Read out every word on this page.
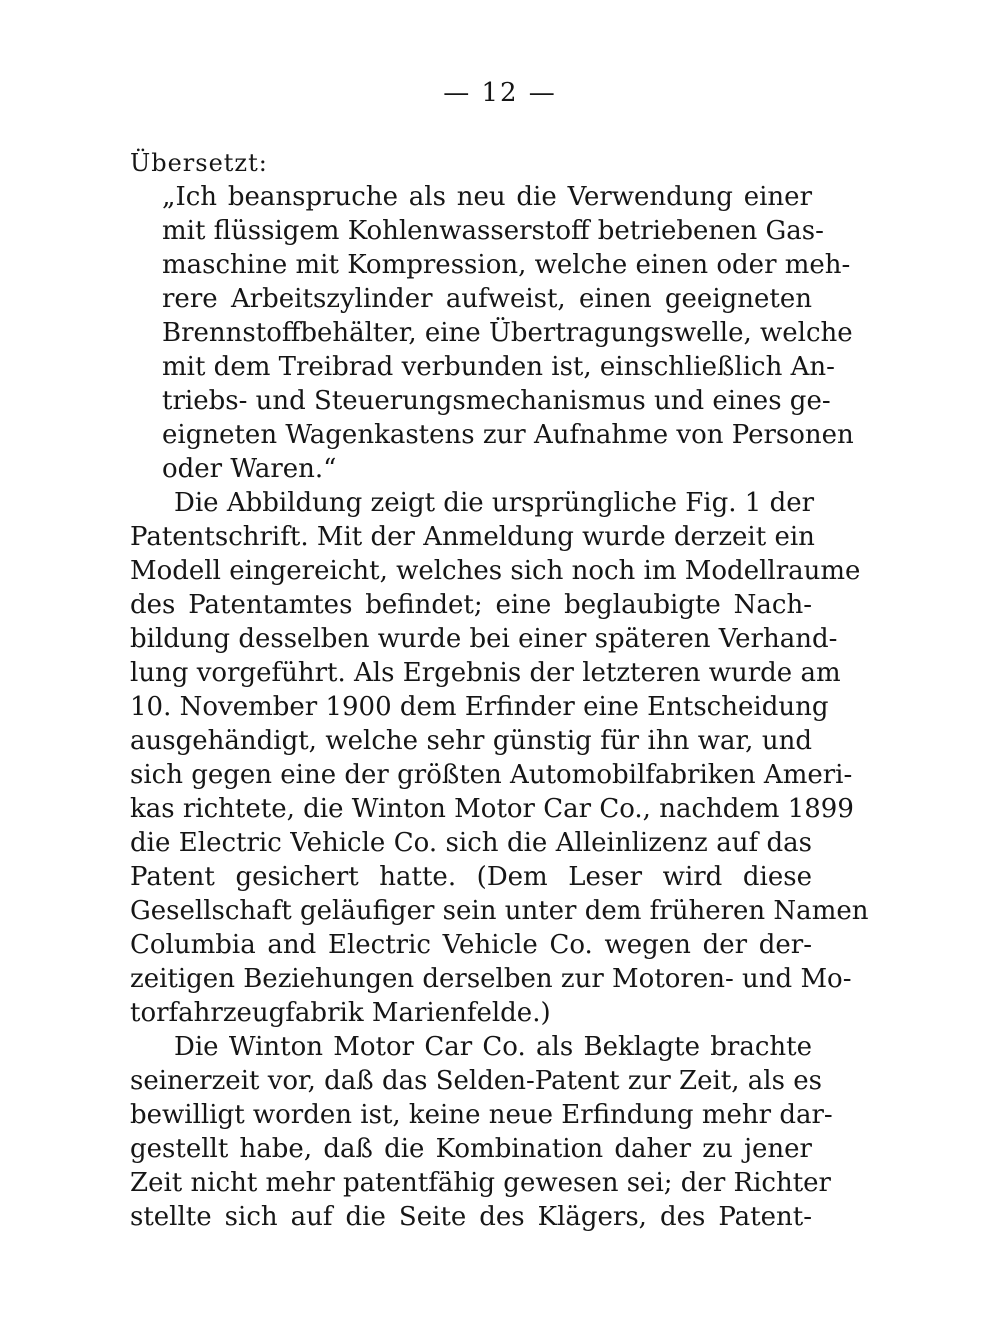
— 12 —

Übersetzt:

„Ich beanspruche als neu die Verwendung einer
mit flüssigem Kohlenwasserstoff betriebenen Gas-
maschine mit Kompression, welche einen oder meh-
rere Arbeitszylinder aufweist, einen geeigneten
Brennstoffbehälter, eine Übertragungswelle, welche
mit dem Treibrad verbunden ist, einschließlich An-
triebs- und Steuerungsmechanismus und eines ge-
eigneten Wagenkastens zur Aufnahme von Personen
oder Waren.“
Die Abbildung zeigt die ursprüngliche Fig. 1 der
Patentschrift. Mit der Anmeldung wurde derzeit ein
Modell eingereicht, welches sich noch im Modellraume
des Patentamtes befindet; eine beglaubigte Nach-
bildung desselben wurde bei einer späteren Verhand-
lung vorgeführt. Als Ergebnis der letzteren wurde am
10. November 1900 dem Erfinder eine Entscheidung
ausgehändigt, welche sehr günstig für ihn war, und
sich gegen eine der größten Automobilfabriken Ameri-
kas richtete, die Winton Motor Car Co., nachdem 1899
die Electric Vehicle Co. sich die Alleinlizenz auf das
Patent gesichert hatte. (Dem Leser wird diese
Gesellschaft geläufiger sein unter dem früheren Namen
Columbia and Electric Vehicle Co. wegen der der-
zeitigen Beziehungen derselben zur Motoren- und Mo-
torfahrzeugfabrik Marienfelde.)
Die Winton Motor Car Co. als Beklagte brachte
seinerzeit vor, daß das Selden-Patent zur Zeit, als es
bewilligt worden ist, keine neue Erfindung mehr dar-
gestellt habe, daß die Kombination daher zu jener
Zeit nicht mehr patentfähig gewesen sei; der Richter
stellte sich auf die Seite des Klägers, des Patent-
